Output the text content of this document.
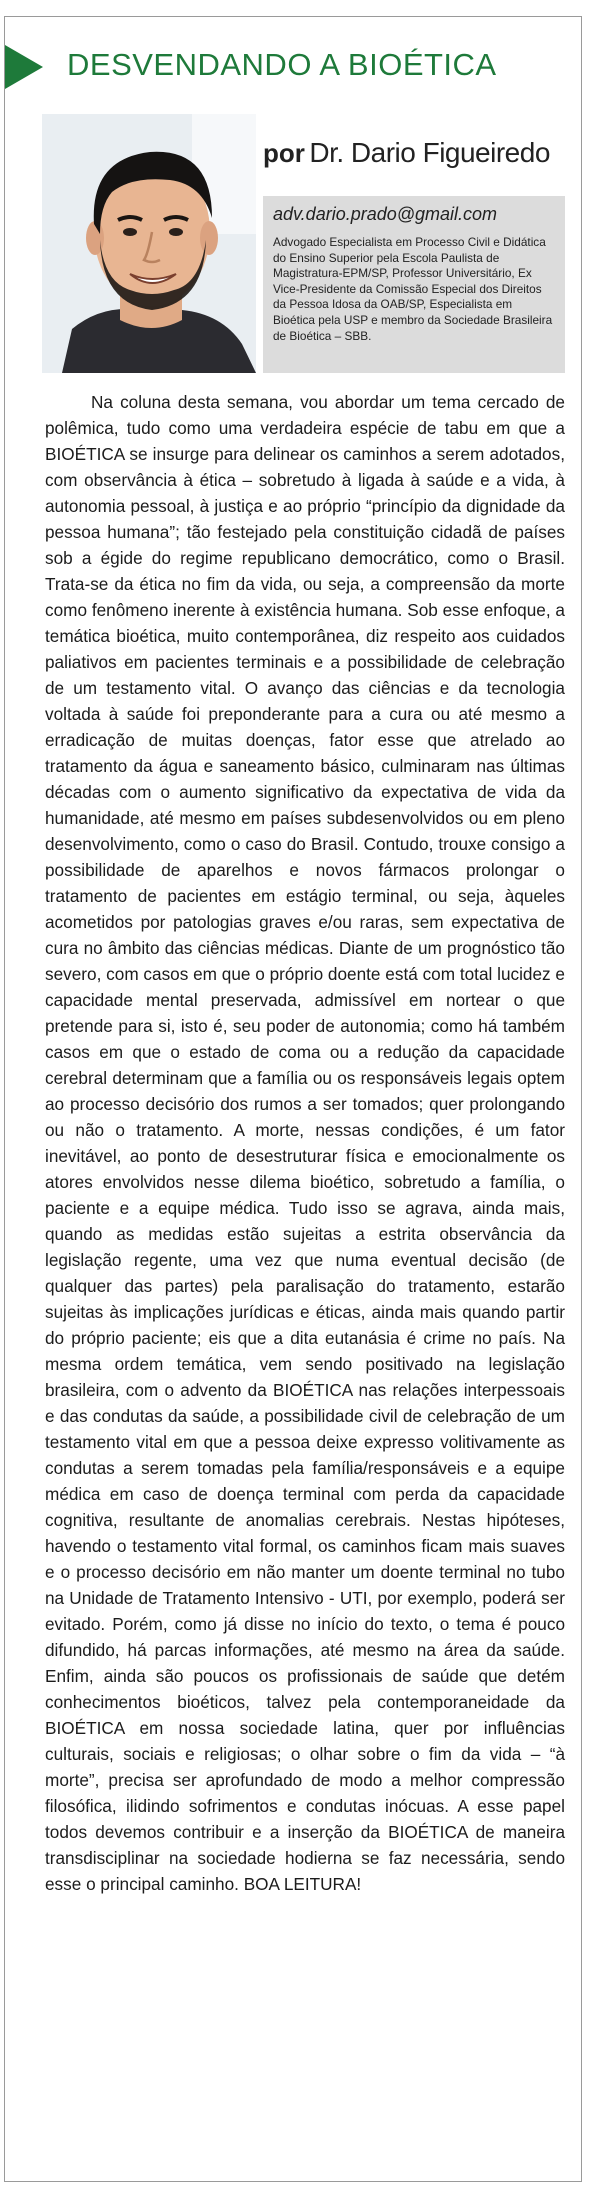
DESVENDANDO A BIOÉTICA
por Dr. Dario Figueiredo
adv.dario.prado@gmail.com
Advogado Especialista em Processo Civil e Didática do Ensino Superior pela Escola Paulista de Magistratura-EPM/SP, Professor Universitário, Ex Vice-Presidente da Comissão Especial dos Direitos da Pessoa Idosa da OAB/SP, Especialista em Bioética pela USP e membro da Sociedade Brasileira de Bioética – SBB.

Na coluna desta semana, vou abordar um tema cercado de polêmica, tudo como uma verdadeira espécie de tabu em que a BIOÉTICA se insurge para delinear os caminhos a serem adotados, com observância à ética – sobretudo à ligada à saúde e a vida, à autonomia pessoal, à justiça e ao próprio “princípio da dignidade da pessoa humana”; tão festejado pela constituição cidadã de países sob a égide do regime republicano democrático, como o Brasil. Trata-se da ética no fim da vida, ou seja, a compreensão da morte como fenômeno inerente à existência humana. Sob esse enfoque, a temática bioética, muito contemporânea, diz respeito aos cuidados paliativos em pacientes terminais e a possibilidade de celebração de um testamento vital. O avanço das ciências e da tecnologia voltada à saúde foi preponderante para a cura ou até mesmo a erradicação de muitas doenças, fator esse que atrelado ao tratamento da água e saneamento básico, culminaram nas últimas décadas com o aumento significativo da expectativa de vida da humanidade, até mesmo em países subdesenvolvidos ou em pleno desenvolvimento, como o caso do Brasil. Contudo, trouxe consigo a possibilidade de aparelhos e novos fármacos prolongar o tratamento de pacientes em estágio terminal, ou seja, àqueles acometidos por patologias graves e/ou raras, sem expectativa de cura no âmbito das ciências médicas. Diante de um prognóstico tão severo, com casos em que o próprio doente está com total lucidez e capacidade mental preservada, admissível em nortear o que pretende para si, isto é, seu poder de autonomia; como há também casos em que o estado de coma ou a redução da capacidade cerebral determinam que a família ou os responsáveis legais optem ao processo decisório dos rumos a ser tomados; quer prolongando ou não o tratamento. A morte, nessas condições, é um fator inevitável, ao ponto de desestruturar física e emocionalmente os atores envolvidos nesse dilema bioético, sobretudo a família, o paciente e a equipe médica. Tudo isso se agrava, ainda mais, quando as medidas estão sujeitas a estrita observância da legislação regente, uma vez que numa eventual decisão (de qualquer das partes) pela paralisação do tratamento, estarão sujeitas às implicações jurídicas e éticas, ainda mais quando partir do próprio paciente; eis que a dita eutanásia é crime no país. Na mesma ordem temática, vem sendo positivado na legislação brasileira, com o advento da BIOÉTICA nas relações interpessoais e das condutas da saúde, a possibilidade civil de celebração de um testamento vital em que a pessoa deixe expresso volitivamente as condutas a serem tomadas pela família/responsáveis e a equipe médica em caso de doença terminal com perda da capacidade cognitiva, resultante de anomalias cerebrais. Nestas hipóteses, havendo o testamento vital formal, os caminhos ficam mais suaves e o processo decisório em não manter um doente terminal no tubo na Unidade de Tratamento Intensivo - UTI, por exemplo, poderá ser evitado. Porém, como já disse no início do texto, o tema é pouco difundido, há parcas informações, até mesmo na área da saúde. Enfim, ainda são poucos os profissionais de saúde que detém conhecimentos bioéticos, talvez pela contemporaneidade da BIOÉTICA em nossa sociedade latina, quer por influências culturais, sociais e religiosas; o olhar sobre o fim da vida – “à morte”, precisa ser aprofundado de modo a melhor compressão filosófica, ilidindo sofrimentos e condutas inócuas. A esse papel todos devemos contribuir e a inserção da BIOÉTICA de maneira transdisciplinar na sociedade hodierna se faz necessária, sendo esse o principal caminho. BOA LEITURA!
